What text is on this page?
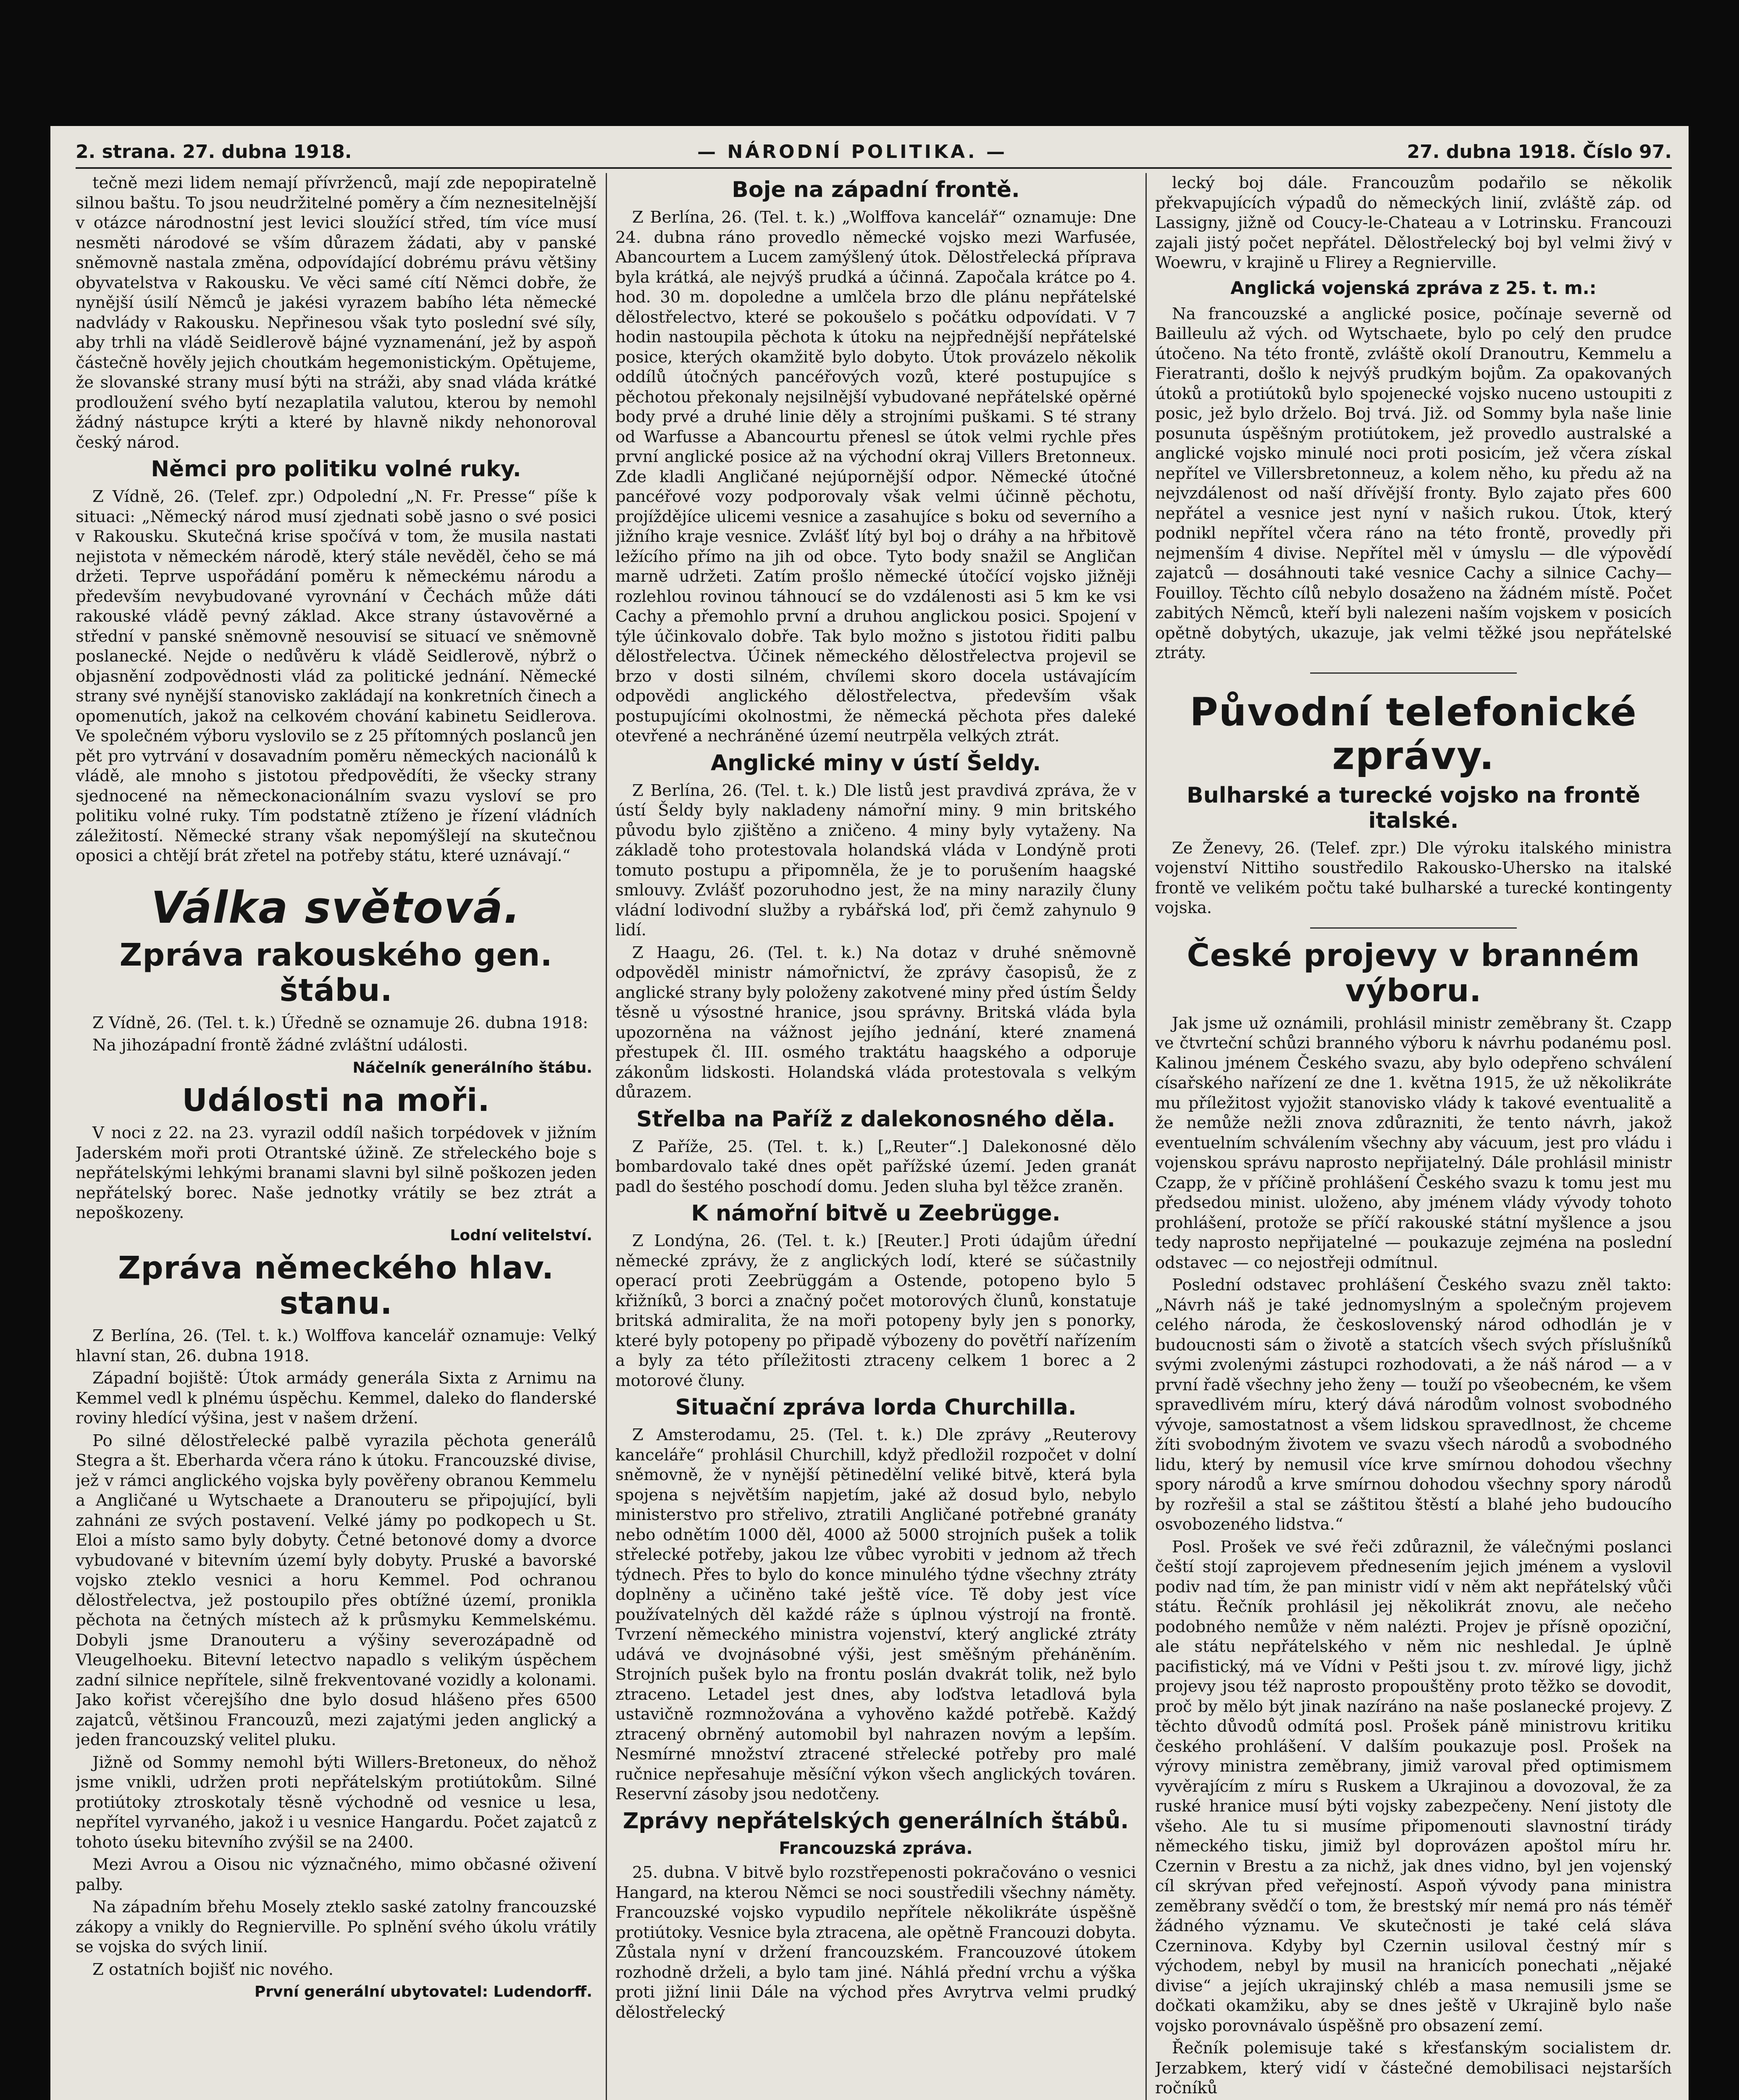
2. strana. 27. dubna 1918.	— NÁRODNÍ POLITIKA. —	27. dubna 1918. Číslo 97.

tečně mezi lidem nemají přívrženců, mají zde nepopiratelně silnou baštu. To jsou neudržitelné poměry a čím neznesitelnější v otázce národnostní jest levici sloužící střed, tím více musí nesměti národové se vším důrazem žádati, aby v panské sněmovně nastala změna, odpovídající dobrému právu většiny obyvatelstva v Rakousku. Ve věci samé cítí Němci dobře, že nynější úsilí Němců je jakési vyrazem babího léta německé nadvlády v Rakousku. Nepřinesou však tyto poslední své síly, aby trhli na vládě Seidlerově bájné vyznamenání, jež by aspoň částečně hověly jejich choutkám hegemonistickým. Opětujeme, že slovanské strany musí býti na stráži, aby snad vláda krátké prodloužení svého bytí nezaplatila valutou, kterou by nemohl žádný nástupce krýti a které by hlavně nikdy nehonoroval český národ.

Němci pro politiku volné ruky.

Z Vídně, 26. (Telef. zpr.) Odpolední „N. Fr. Presse“ píše k situaci: „Německý národ musí zjednati sobě jasno o své posici v Rakousku. Skutečná krise spočívá v tom, že musila nastati nejistota v německém národě, který stále nevěděl, čeho se má držeti. Teprve uspořádání poměru k německému národu a především nevybudované vyrovnání v Čechách může dáti rakouské vládě pevný základ. Akce strany ústavověrné a střední v panské sněmovně nesouvisí se situací ve sněmovně poslanecké. Nejde o nedůvěru k vládě Seidlerově, nýbrž o objasnění zodpovědnosti vlád za politické jednání. Německé strany své nynější stanovisko zakládají na konkretních činech a opomenutích, jakož na celkovém chování kabinetu Seidlerova. Ve společném výboru vyslovilo se z 25 přítomných poslanců jen pět pro vytrvání v dosavadním poměru německých nacionálů k vládě, ale mnoho s jistotou předpovědíti, že všecky strany sjednocené na německonacionálním svazu vysloví se pro politiku volné ruky. Tím podstatně ztíženo je řízení vládních záležitostí. Německé strany však nepomýšlejí na skutečnou oposici a chtějí brát zřetel na potřeby státu, které uznávají.“

Válka světová.
Zpráva rakouského gen. štábu.

Z Vídně, 26. (Tel. t. k.) Úředně se oznamuje 26. dubna 1918:

Na jihozápadní frontě žádné zvláštní události.

Náčelník generálního štábu.
Události na moři.

V noci z 22. na 23. vyrazil oddíl našich torpédovek v jižním Jaderském moři proti Otrantské úžině. Ze střeleckého boje s nepřátelskými lehkými branami slavni byl silně poškozen jeden nepřátelský borec. Naše jednotky vrátily se bez ztrát a nepoškozeny.

Lodní velitelství.
Zpráva německého hlav. stanu.

Z Berlína, 26. (Tel. t. k.) Wolffova kancelář oznamuje: Velký hlavní stan, 26. dubna 1918.

Západní bojiště: Útok armády generála Sixta z Arnimu na Kemmel vedl k plnému úspěchu. Kemmel, daleko do flanderské roviny hledící výšina, jest v našem držení.

Po silné dělostřelecké palbě vyrazila pěchota generálů Stegra a št. Eberharda včera ráno k útoku. Francouzské divise, jež v rámci anglického vojska byly pověřeny obranou Kemmelu a Angličané u Wytschaete a Dranouteru se připojující, byli zahnáni ze svých postavení. Velké jámy po podkopech u St. Eloi a místo samo byly dobyty. Četné betonové domy a dvorce vybudované v bitevním území byly dobyty. Pruské a bavorské vojsko zteklo vesnici a horu Kemmel. Pod ochranou dělostřelectva, jež postoupilo přes obtížné území, pronikla pěchota na četných místech až k průsmyku Kemmelskému. Dobyli jsme Dranouteru a výšiny severozápadně od Vleugelhoeku. Bitevní letectvo napadlo s velikým úspěchem zadní silnice nepřítele, silně frekventované vozidly a kolonami. Jako kořist včerejšího dne bylo dosud hlášeno přes 6500 zajatců, většinou Francouzů, mezi zajatými jeden anglický a jeden francouzský velitel pluku.

Jižně od Sommy nemohl býti Willers-Bretoneux, do něhož jsme vnikli, udržen proti nepřátelským protiútokům. Silné protiútoky ztroskotaly těsně východně od vesnice u lesa, nepřítel vyrvaného, jakož i u vesnice Hangardu. Počet zajatců z tohoto úseku bitevního zvýšil se na 2400.

Mezi Avrou a Oisou nic význačného, mimo občasné oživení palby.

Na západním břehu Mosely zteklo saské zatolny francouzské zákopy a vnikly do Regnierville. Po splnění svého úkolu vrátily se vojska do svých linií.

Z ostatních bojišť nic nového.

První generální ubytovatel: Ludendorff.
Boje na západní frontě.

Z Berlína, 26. (Tel. t. k.) „Wolffova kancelář“ oznamuje: Dne 24. dubna ráno provedlo německé vojsko mezi Warfusée, Abancourtem a Lucem zamýšlený útok. Dělostřelecká příprava byla krátká, ale nejvýš prudká a účinná. Započala krátce po 4. hod. 30 m. dopoledne a umlčela brzo dle plánu nepřátelské dělostřelectvo, které se pokoušelo s počátku odpovídati. V 7 hodin nastoupila pěchota k útoku na nejpřednější nepřátelské posice, kterých okamžitě bylo dobyto. Útok provázelo několik oddílů útočných pancéřových vozů, které postupujíce s pěchotou překonaly nejsilnější vybudované nepřátelské opěrné body prvé a druhé linie děly a strojními puškami. S té strany od Warfusse a Abancourtu přenesl se útok velmi rychle přes první anglické posice až na východní okraj Villers Bretonneux. Zde kladli Angličané nejúpornější odpor. Německé útočné pancéřové vozy podporovaly však velmi účinně pěchotu, projíždějíce ulicemi vesnice a zasahujíce s boku od severního a jižního kraje vesnice. Zvlášť lítý byl boj o dráhy a na hřbitově ležícího přímo na jih od obce. Tyto body snažil se Angličan marně udržeti. Zatím prošlo německé útočící vojsko jižněji rozlehlou rovinou táhnoucí se do vzdálenosti asi 5 km ke vsi Cachy a přemohlo první a druhou anglickou posici. Spojení v týle účinkovalo dobře. Tak bylo možno s jistotou řiditi palbu dělostřelectva. Účinek německého dělostřelectva projevil se brzo v dosti silném, chvílemi skoro docela ustávajícím odpovědi anglického dělostřelectva, především však postupujícími okolnostmi, že německá pěchota přes daleké otevřené a nechráněné území neutrpěla velkých ztrát.

Anglické miny v ústí Šeldy.

Z Berlína, 26. (Tel. t. k.) Dle listů jest pravdivá zpráva, že v ústí Šeldy byly nakladeny námořní miny. 9 min britského původu bylo zjištěno a zničeno. 4 miny byly vytaženy. Na základě toho protestovala holandská vláda v Londýně proti tomuto postupu a připomněla, že je to porušením haagské smlouvy. Zvlášť pozoruhodno jest, že na miny narazily čluny vládní lodivodní služby a rybářská loď, při čemž zahynulo 9 lidí.

Z Haagu, 26. (Tel. t. k.) Na dotaz v druhé sněmovně odpověděl ministr námořnictví, že zprávy časopisů, že z anglické strany byly položeny zakotvené miny před ústím Šeldy těsně u výsostné hranice, jsou správny. Britská vláda byla upozorněna na vážnost jejího jednání, které znamená přestupek čl. III. osmého traktátu haagského a odporuje zákonům lidskosti. Holandská vláda protestovala s velkým důrazem.

Střelba na Paříž z dalekonosného děla.

Z Paříže, 25. (Tel. t. k.) [„Reuter“.] Dalekonosné dělo bombardovalo také dnes opět pařížské území. Jeden granát padl do šestého poschodí domu. Jeden sluha byl těžce zraněn.

K námořní bitvě u Zeebrügge.

Z Londýna, 26. (Tel. t. k.) [Reuter.] Proti údajům úřední německé zprávy, že z anglických lodí, které se súčastnily operací proti Zeebrüggám a Ostende, potopeno bylo 5 křižníků, 3 borci a značný počet motorových člunů, konstatuje britská admiralita, že na moři potopeny byly jen s ponorky, které byly potopeny po připadě výbozeny do povětří nařízením a byly za této příležitosti ztraceny celkem 1 borec a 2 motorové čluny.

Situační zpráva lorda Churchilla.

Z Amsterodamu, 25. (Tel. t. k.) Dle zprávy „Reuterovy kanceláře“ prohlásil Churchill, když předložil rozpočet v dolní sněmovně, že v nynější pětinedělní veliké bitvě, která byla spojena s největším napjetím, jaké až dosud bylo, nebylo ministerstvo pro střelivo, ztratili Angličané potřebné granáty nebo odnětím 1000 děl, 4000 až 5000 strojních pušek a tolik střelecké potřeby, jakou lze vůbec vyrobiti v jednom až třech týdnech. Přes to bylo do konce minulého týdne všechny ztráty doplněny a učiněno také ještě více. Tě doby jest více používatelných děl každé ráže s úplnou výstrojí na frontě. Tvrzení německého ministra vojenství, který anglické ztráty udává ve dvojnásobné výši, jest směšným přeháněním. Strojních pušek bylo na frontu poslán dvakrát tolik, než bylo ztraceno. Letadel jest dnes, aby loďstva letadlová byla ustavičně rozmnožována a vyhověno každé potřebě. Každý ztracený obrněný automobil byl nahrazen novým a lepším. Nesmírné množství ztracené střelecké potřeby pro malé ručnice nepřesahuje měsíční výkon všech anglických továren. Reservní zásoby jsou nedotčeny.

Zprávy nepřátelských generálních štábů.
Francouzská zpráva.

25. dubna. V bitvě bylo rozstřepenosti pokračováno o vesnici Hangard, na kterou Němci se noci soustředili všechny náměty. Francouzské vojsko vypudilo nepřítele několikráte úspěšně protiútoky. Vesnice byla ztracena, ale opětně Francouzi dobyta. Zůstala nyní v držení francouzském. Francouzové útokem rozhodně drželi, a bylo tam jiné. Náhlá přední vrchu a výška proti jižní linii Dále na východ přes Avrytrva velmi prudký dělostřelecký

lecký boj dále. Francouzům podařilo se několik překvapujících výpadů do německých linií, zvláště záp. od Lassigny, jižně od Coucy-le-Chateau a v Lotrinsku. Francouzi zajali jistý počet nepřátel. Dělostřelecký boj byl velmi živý v Woewru, v krajině u Flirey a Regnierville.

Anglická vojenská zpráva z 25. t. m.:

Na francouzské a anglické posice, počínaje severně od Bailleulu až vých. od Wytschaete, bylo po celý den prudce útočeno. Na této frontě, zvláště okolí Dranoutru, Kemmelu a Fieratranti, došlo k nejvýš prudkým bojům. Za opakovaných útoků a protiútoků bylo spojenecké vojsko nuceno ustoupiti z posic, jež bylo drželo. Boj trvá. Již. od Sommy byla naše linie posunuta úspěšným protiútokem, jež provedlo australské a anglické vojsko minulé noci proti posicím, jež včera získal nepřítel ve Villersbretonneuz, a kolem něho, ku předu až na nejvzdálenost od naší dřívější fronty. Bylo zajato přes 600 nepřátel a vesnice jest nyní v našich rukou. Útok, který podnikl nepřítel včera ráno na této frontě, provedly při nejmenším 4 divise. Nepřítel měl v úmyslu — dle výpovědí zajatců — dosáhnouti také vesnice Cachy a silnice Cachy—Fouilloy. Těchto cílů nebylo dosaženo na žádném místě. Počet zabitých Němců, kteří byli nalezeni naším vojskem v posicích opětně dobytých, ukazuje, jak velmi těžké jsou nepřátelské ztráty.

Původní telefonické zprávy.
Bulharské a turecké vojsko na frontě italské.

Ze Ženevy, 26. (Telef. zpr.) Dle výroku italského ministra vojenství Nittiho soustředilo Rakousko-Uhersko na italské frontě ve velikém počtu také bulharské a turecké kontingenty vojska.

České projevy v branném výboru.

Jak jsme už oznámili, prohlásil ministr zeměbrany št. Czapp ve čtvrteční schůzi branného výboru k návrhu podanému posl. Kalinou jménem Českého svazu, aby bylo odepřeno schválení císařského nařízení ze dne 1. května 1915, že už několikráte mu příležitost vyjožit stanovisko vlády k takové eventualitě a že nemůže nežli znova zdůrazniti, že tento návrh, jakož eventuelním schválením všechny aby vácuum, jest pro vládu i vojenskou správu naprosto nepřijatelný. Dále prohlásil ministr Czapp, že v příčině prohlášení Českého svazu k tomu jest mu předsedou minist. uloženo, aby jménem vlády vývody tohoto prohlášení, protože se příčí rakouské státní myšlence a jsou tedy naprosto nepřijatelné — poukazuje zejména na poslední odstavec — co nejostřeji odmítnul.

Poslední odstavec prohlášení Českého svazu zněl takto: „Návrh náš je také jednomyslným a společným projevem celého národa, že československý národ odhodlán je v budoucnosti sám o životě a statcích všech svých příslušníků svými zvolenými zástupci rozhodovati, a že náš národ — a v první řadě všechny jeho ženy — touží po všeobecném, ke všem spravedlivém míru, který dává národům volnost svobodného vývoje, samostatnost a všem lidskou spravedlnost, že chceme žíti svobodným životem ve svazu všech národů a svobodného lidu, který by nemusil více krve smírnou dohodou všechny spory národů a krve smírnou dohodou všechny spory národů by rozřešil a stal se záštitou štěstí a blahé jeho budoucího osvobozeného lidstva.“

Posl. Prošek ve své řeči zdůraznil, že válečnými poslanci čeští stojí zaprojevem přednesením jejich jménem a vyslovil podiv nad tím, že pan ministr vidí v něm akt nepřátelský vůči státu. Řečník prohlásil jej několikrát znovu, ale nečeho podobného nemůže v něm nalézti. Projev je přísně opoziční, ale státu nepřátelského v něm nic neshledal. Je úplně pacifistický, má ve Vídni v Pešti jsou t. zv. mírové ligy, jichž projevy jsou též naprosto propouštěny proto těžko se dovodit, proč by mělo být jinak nazíráno na naše poslanecké projevy. Z těchto důvodů odmítá posl. Prošek páně ministrovu kritiku českého prohlášení. V dalším poukazuje posl. Prošek na výrovy ministra zeměbrany, jimiž varoval před optimismem vyvěrajícím z míru s Ruskem a Ukrajinou a dovozoval, že za ruské hranice musí býti vojsky zabezpečeny. Není jistoty dle všeho. Ale tu si musíme připomenouti slavnostní tirády německého tisku, jimiž byl doprovázen apoštol míru hr. Czernin v Brestu a za nichž, jak dnes vidno, byl jen vojenský cíl skrývan před veřejností. Aspoň vývody pana ministra zeměbrany svědčí o tom, že brestský mír nemá pro nás téměř žádného významu. Ve skutečnosti je také celá sláva Czerninova. Kdyby byl Czernin usiloval čestný mír s východem, nebyl by musil na hranicích ponechati „nějaké divise“ a jejích ukrajinský chléb a masa nemusili jsme se dočkati okamžiku, aby se dnes ještě v Ukrajině bylo naše vojsko porovnávalo úspěšně pro obsazení zemí.

Řečník polemisuje také s křesťanským socialistem dr. Jerzabkem, který vidí v částečné demobilisaci nejstarších ročníků
